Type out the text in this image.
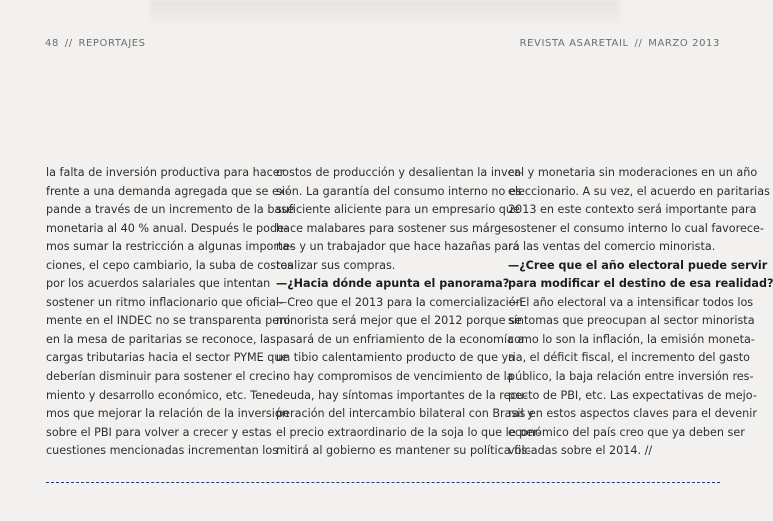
48 // REPORTAJES	REVISTA ASARETAIL // MARZO 2013
la falta de inversión productiva para hacer
frente a una demanda agregada que se ex-
pande a través de un incremento de la base
monetaria al 40 % anual. Después le pode-
mos sumar la restricción a algunas importa-
ciones, el cepo cambiario, la suba de costos
por los acuerdos salariales que intentan
sostener un ritmo inflacionario que oficial-
mente en el INDEC no se transparenta pero
en la mesa de paritarias se reconoce, las
cargas tributarias hacia el sector PYME que
deberían disminuir para sostener el creci-
miento y desarrollo económico, etc. Tene-
mos que mejorar la relación de la inversión
sobre el PBI para volver a crecer y estas
cuestiones mencionadas incrementan los
costos de producción y desalientan la inver-
sión. La garantía del consumo interno no es
suficiente aliciente para un empresario que
hace malabares para sostener sus márge-
nes y un trabajador que hace hazañas para
realizar sus compras.
—¿Hacia dónde apunta el panorama?
—Creo que el 2013 para la comercialización
minorista será mejor que el 2012 porque se
pasará de un enfriamiento de la economía a
un tibio calentamiento producto de que ya
no hay compromisos de vencimiento de la
deuda, hay síntomas importantes de la recu-
peración del intercambio bilateral con Brasil y
el precio extraordinario de la soja lo que le per-
mitirá al gobierno es mantener su política fis-
cal y monetaria sin moderaciones en un año
eleccionario. A su vez, el acuerdo en paritarias
2013 en este contexto será importante para
sostener el consumo interno lo cual favorece-
rá las ventas del comercio minorista.
—¿Cree que el año electoral puede servir
para modificar el destino de esa realidad?
—El año electoral va a intensificar todos los
síntomas que preocupan al sector minorista
como lo son la inflación, la emisión moneta-
ria, el déficit fiscal, el incremento del gasto
público, la baja relación entre inversión res-
pecto de PBI, etc. Las expectativas de mejo-
ras en estos aspectos claves para el devenir
económico del país creo que ya deben ser
volcadas sobre el 2014. //
